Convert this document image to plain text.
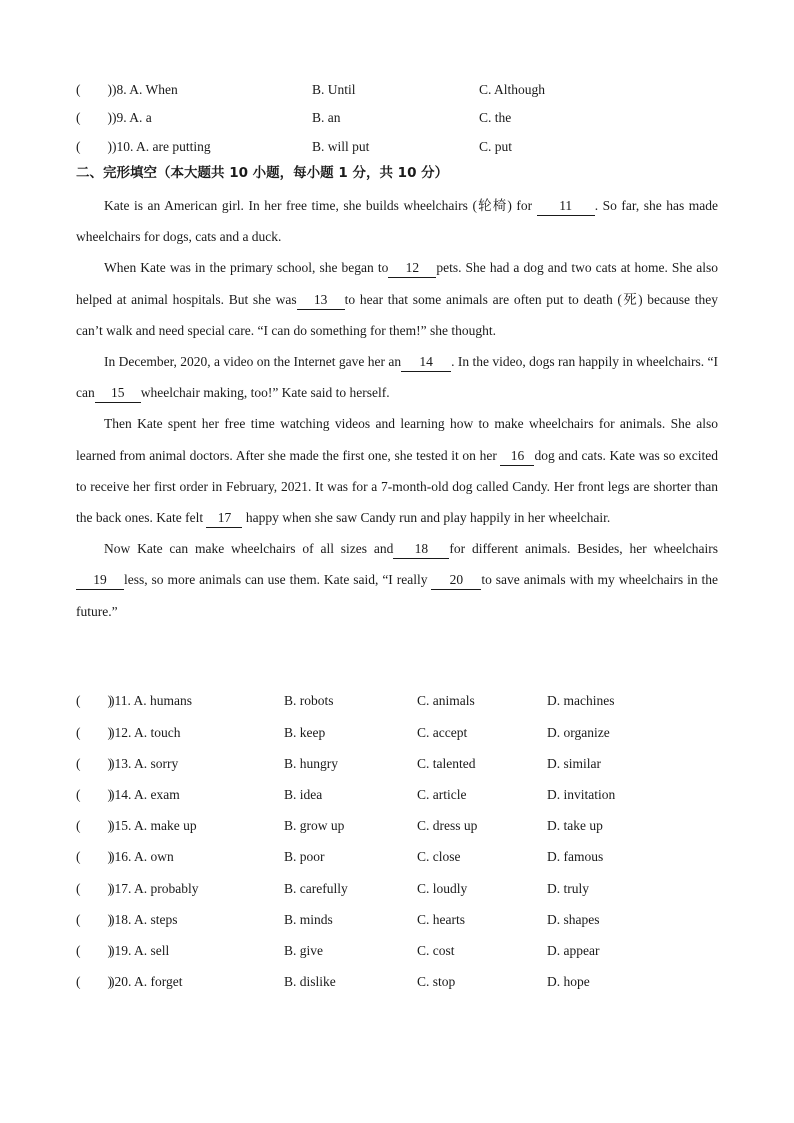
(　　) )8. A. When	B. Until	C. Although
(　　) )9. A. a	B. an	C. the
(　　) )10. A. are putting	B. will put	C. put
二、完形填空（本大题共 10 小题，每小题 1 分，共 10 分）

Kate is an American girl. In her free time, she builds wheelchairs (轮椅) for 11 . So far, she has made wheelchairs for dogs, cats and a duck.

When Kate was in the primary school, she began to 12 pets. She had a dog and two cats at home. She also helped at animal hospitals. But she was 13 to hear that some animals are often put to death (死) because they can’t walk and need special care. “I can do something for them!” she thought.

In December, 2020, a video on the Internet gave her an 14 . In the video, dogs ran happily in wheelchairs. “I can 15 wheelchair making, too!” Kate said to herself.

Then Kate spent her free time watching videos and learning how to make wheelchairs for animals. She also learned from animal doctors. After she made the first one, she tested it on her 16 dog and cats. Kate was so excited to receive her first order in February, 2021. It was for a 7-month-old dog called Candy. Her front legs are shorter than the back ones. Kate felt 17 happy when she saw Candy run and play happily in her wheelchair.

Now Kate can make wheelchairs of all sizes and 18 for different animals. Besides, her wheelchairs 19 less, so more animals can use them. Kate said, “I really 20 to save animals with my wheelchairs in the future.”

(　　)
)11. A. humans	B. robots	C. animals	D. machines
(　　)
)12. A. touch	B. keep	C. accept	D. organize
(　　)
)13. A. sorry	B. hungry	C. talented	D. similar
(　　)
)14. A. exam	B. idea	C. article	D. invitation
(　　)
)15. A. make up	B. grow up	C. dress up	D. take up
(　　)
)16. A. own	B. poor	C. close	D. famous
(　　)
)17. A. probably	B. carefully	C. loudly	D. truly
(　　)
)18. A. steps	B. minds	C. hearts	D. shapes
(　　)
)19. A. sell	B. give	C. cost	D. appear
(　　)
)20. A. forget	B. dislike	C. stop	D. hope
